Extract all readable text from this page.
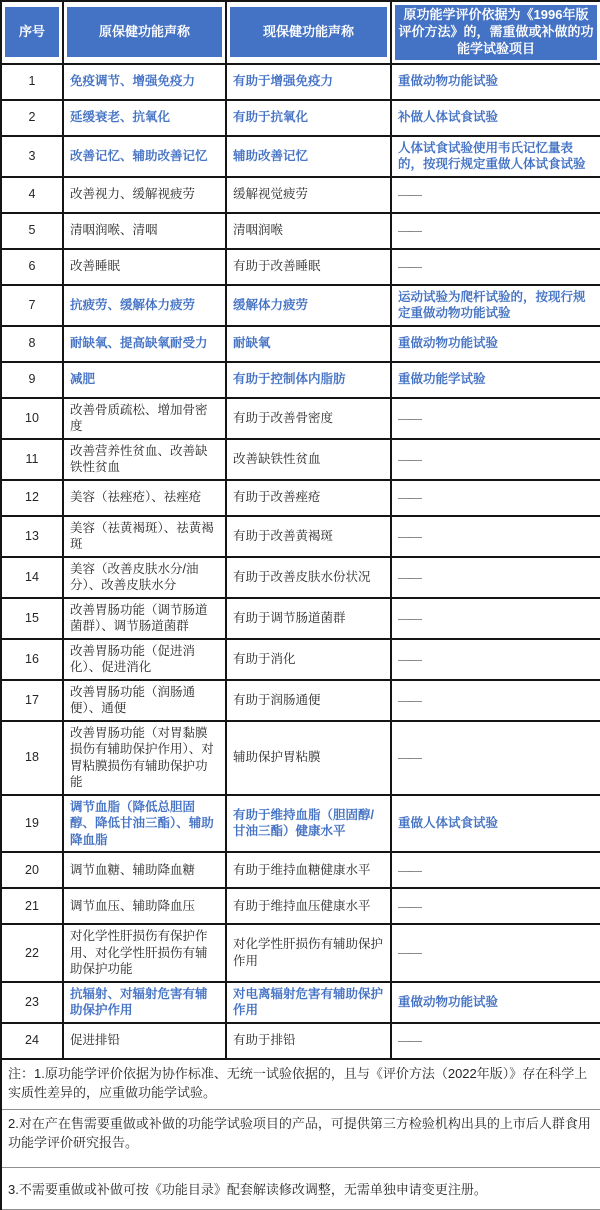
序号	原保健功能声称	现保健功能声称	原功能学评价依据为《1996年版评价方法》的，需重做或补做的功能学试验项目

1	免疫调节、增强免疫力	有助于增强免疫力	重做动物功能试验
2	延缓衰老、抗氧化	有助于抗氧化	补做人体试食试验
3	改善记忆、辅助改善记忆	辅助改善记忆	人体试食试验使用韦氏记忆量表的，按现行规定重做人体试食试验
4	改善视力、缓解视疲劳	缓解视觉疲劳	——
5	清咽润喉、清咽	清咽润喉	——
6	改善睡眠	有助于改善睡眠	——
7	抗疲劳、缓解体力疲劳	缓解体力疲劳	运动试验为爬杆试验的，按现行规定重做动物功能试验
8	耐缺氧、提高缺氧耐受力	耐缺氧	重做动物功能试验
9	减肥	有助于控制体内脂肪	重做功能学试验
10	改善骨质疏松、增加骨密度	有助于改善骨密度	——
11	改善营养性贫血、改善缺铁性贫血	改善缺铁性贫血	——
12	美容（祛痤疮）、祛痤疮	有助于改善痤疮	——
13	美容（祛黄褐斑）、祛黄褐斑	有助于改善黄褐斑	——
14	美容（改善皮肤水分/油分）、改善皮肤水分	有助于改善皮肤水份状况	——
15	改善胃肠功能（调节肠道菌群）、调节肠道菌群	有助于调节肠道菌群	——
16	改善胃肠功能（促进消化）、促进消化	有助于消化	——
17	改善胃肠功能（润肠通便）、通便	有助于润肠通便	——
18	改善胃肠功能（对胃黏膜损伤有辅助保护作用）、对胃粘膜损伤有辅助保护功能	辅助保护胃粘膜	——
19	调节血脂（降低总胆固醇、降低甘油三酯）、辅助降血脂	有助于维持血脂（胆固醇/甘油三酯）健康水平	重做人体试食试验
20	调节血糖、辅助降血糖	有助于维持血糖健康水平	——
21	调节血压、辅助降血压	有助于维持血压健康水平	——
22	对化学性肝损伤有保护作用、对化学性肝损伤有辅助保护功能	对化学性肝损伤有辅助保护作用	——
23	抗辐射、对辐射危害有辅助保护作用	对电离辐射危害有辅助保护作用	重做动物功能试验
24	促进排铅	有助于排铅	——
注：1.原功能学评价依据为协作标准、无统一试验依据的，且与《评价方法（2022年版）》存在科学上实质性差异的，应重做功能学试验。			
2.对在产在售需要重做或补做的功能学试验项目的产品，可提供第三方检验机构出具的上市后人群食用功能学评价研究报告。			
3.不需要重做或补做可按《功能目录》配套解读修改调整，无需单独申请变更注册。			
